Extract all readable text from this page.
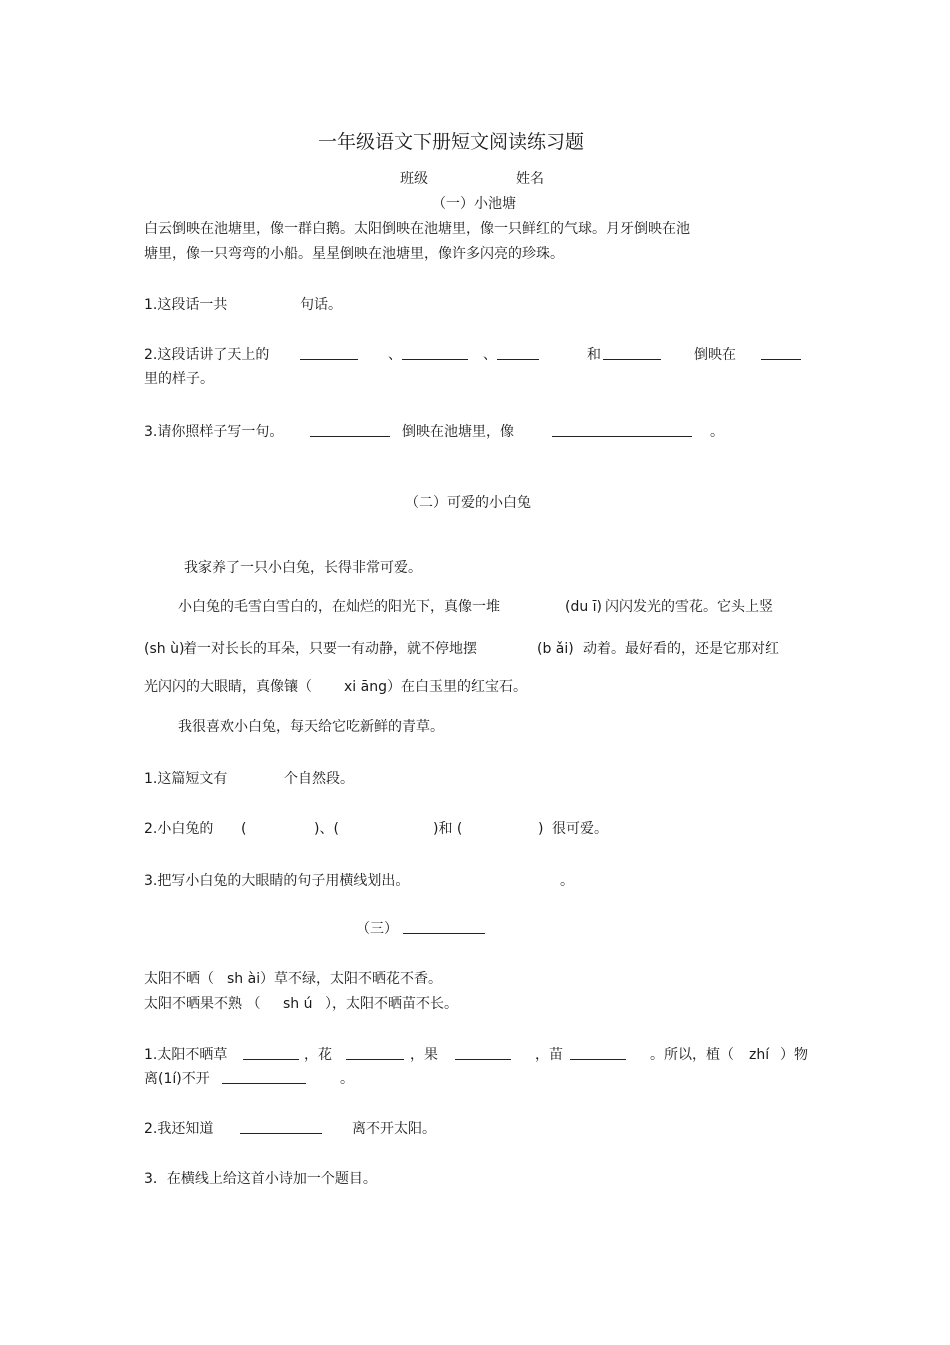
一年级语文下册短文阅读练习题
班级	姓名
（一）小池塘
白云倒映在池塘里，像一群白鹅。太阳倒映在池塘里，像一只鲜红的气球。月牙倒映在池
塘里，像一只弯弯的小船。星星倒映在池塘里，像许多闪亮的珍珠。
1.这段话一共	句话。
2.这段话讲了天上的	、	、	和	倒映在
里的样子。
3.请你照样子写一句。	倒映在池塘里，像	。
（二）可爱的小白兔
我家养了一只小白兔，长得非常可爱。
小白兔的毛雪白雪白的，在灿烂的阳光下，真像一堆	(du ī) 闪闪发光的雪花。它头上竖
(sh ù)
着一对长长的耳朵，只要一有动静，就不停地摆	(b ǎi) 动着。最好看的，还是它那对红
光闪闪的大眼睛，真像镶（ xi āng ）在白玉里的红宝石。
我很喜欢小白兔，每天给它吃新鲜的青草。
1.这篇短文有	个自然段。
2.小白兔的 (	)、(	)和 (	) 很可爱。
3.把写小白兔的大眼睛的句子用横线划出。	。
（三）
太阳不晒（ sh ài ）草不绿，太阳不晒花不香。
太阳不晒果不熟 （ sh ú ），太阳不晒苗不长。
1.太阳不晒草	，花	，果	，苗	。所以，植（ zhí ）物
离(1í)不开	。
2.我还知道	离不开太阳。
3．在横线上给这首小诗加一个题目。
